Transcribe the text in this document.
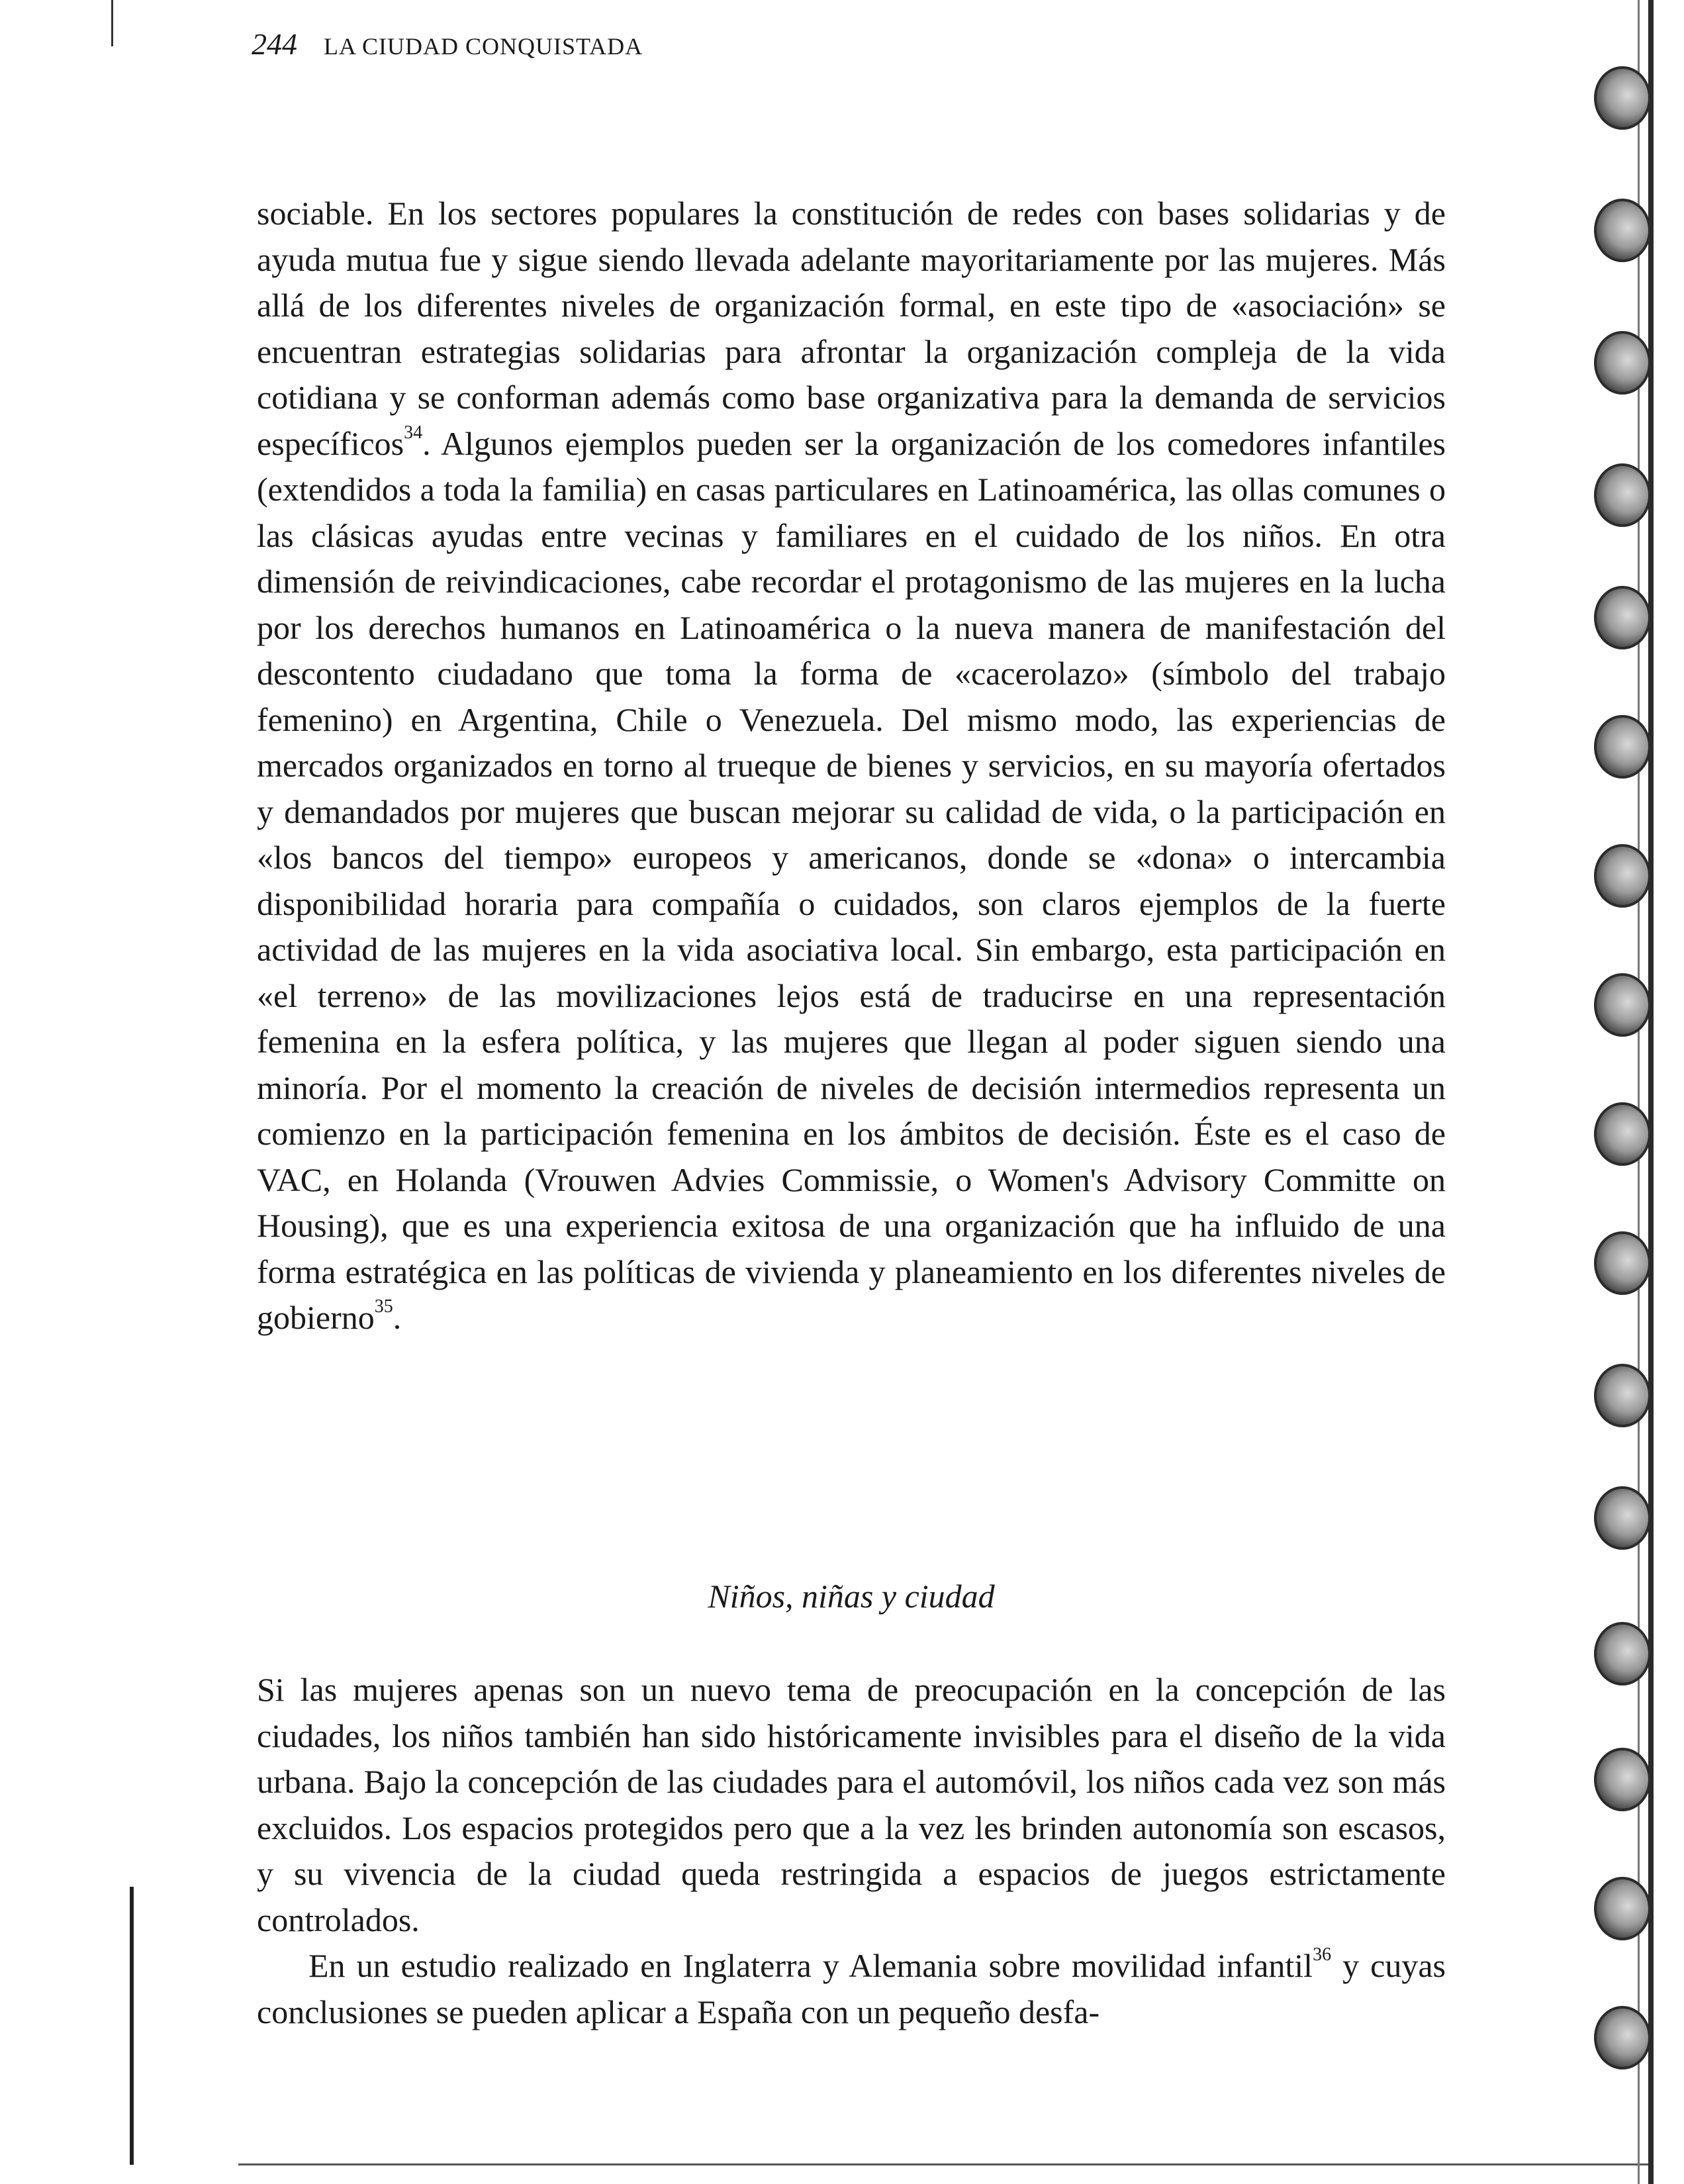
244 LA CIUDAD CONQUISTADA

sociable. En los sectores populares la constitución de redes con bases solidarias y de ayuda mutua fue y sigue siendo llevada adelante mayoritariamente por las mujeres. Más allá de los diferentes niveles de organización formal, en este tipo de «asociación» se encuentran estrategias solidarias para afrontar la organización compleja de la vida cotidiana y se conforman además como base organizativa para la demanda de servicios específicos$^{34}$. Algunos ejemplos pueden ser la organización de los comedores infantiles (extendidos a toda la familia) en casas particulares en Latinoamérica, las ollas comunes o las clásicas ayudas entre vecinas y familiares en el cuidado de los niños. En otra dimensión de reivindicaciones, cabe recordar el protagonismo de las mujeres en la lucha por los derechos humanos en Latinoamérica o la nueva manera de manifestación del descontento ciudadano que toma la forma de «cacerolazo» (símbolo del trabajo femenino) en Argentina, Chile o Venezuela. Del mismo modo, las experiencias de mercados organizados en torno al trueque de bienes y servicios, en su mayoría ofertados y demandados por mujeres que buscan mejorar su calidad de vida, o la participación en «los bancos del tiempo» europeos y americanos, donde se «dona» o intercambia disponibilidad horaria para compañía o cuidados, son claros ejemplos de la fuerte actividad de las mujeres en la vida asociativa local. Sin embargo, esta participación en «el terreno» de las movilizaciones lejos está de traducirse en una representación femenina en la esfera política, y las mujeres que llegan al poder siguen siendo una minoría. Por el momento la creación de niveles de decisión intermedios representa un comienzo en la participación femenina en los ámbitos de decisión. Éste es el caso de VAC, en Holanda (Vrouwen Advies Commissie, o Women's Advisory Committe on Housing), que es una experiencia exitosa de una organización que ha influido de una forma estratégica en las políticas de vivienda y planeamiento en los diferentes niveles de gobierno$^{35}$.

Niños, niñas y ciudad

Si las mujeres apenas son un nuevo tema de preocupación en la concepción de las ciudades, los niños también han sido históricamente invisibles para el diseño de la vida urbana. Bajo la concepción de las ciudades para el automóvil, los niños cada vez son más excluidos. Los espacios protegidos pero que a la vez les brinden autonomía son escasos, y su vivencia de la ciudad queda restringida a espacios de juegos estrictamente controlados.

En un estudio realizado en Inglaterra y Alemania sobre movilidad infantil$^{36}$ y cuyas conclusiones se pueden aplicar a España con un pequeño desfa-
